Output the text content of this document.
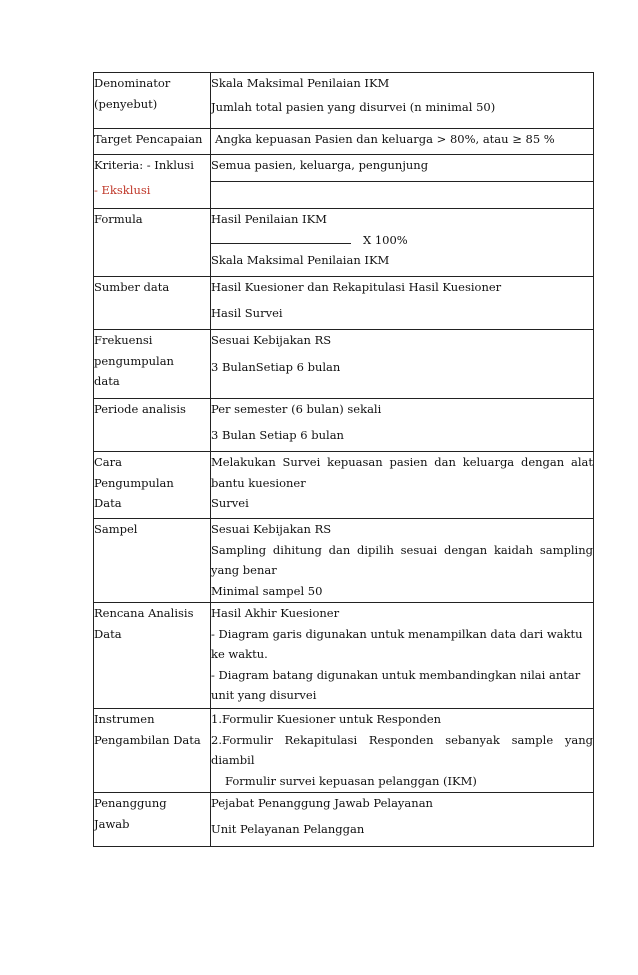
Denominator
(penyebut)	Skala Maksimal Penilaian IKM
Jumlah total pasien yang disurvei (n minimal 50)

Target Pencapaian	Angka kepuasan Pasien dan keluarga > 80%, atau ≥ 85 %

Kriteria: - Inklusi
- Eksklusi	Semua pasien, keluarga, pengunjung

Formula	Hasil Penilaian IKM
X 100%
Skala Maksimal Penilaian IKM

Sumber data	Hasil Kuesioner dan Rekapitulasi Hasil Kuesioner
Hasil Survei

Frekuensi
pengumpulan
data	Sesuai Kebijakan RS
3 BulanSetiap 6 bulan

Periode analisis	Per semester (6 bulan) sekali
3 Bulan Setiap 6 bulan

Cara
Pengumpulan
Data	Melakukan Survei kepuasan pasien dan keluarga dengan alat bantu kuesioner
Survei

Sampel	Sesuai Kebijakan RS
Sampling dihitung dan dipilih sesuai dengan kaidah sampling yang benar
Minimal sampel 50

Rencana Analisis
Data	Hasil Akhir Kuesioner
- Diagram garis digunakan untuk menampilkan data dari waktu ke waktu.
- Diagram batang digunakan untuk membandingkan nilai antar unit yang disurvei

Instrumen
Pengambilan Data	1.Formulir Kuesioner untuk Responden
2.Formulir Rekapitulasi Responden sebanyak sample yang diambil
Formulir survei kepuasan pelanggan (IKM)

Penanggung
Jawab	Pejabat Penanggung Jawab Pelayanan
Unit Pelayanan Pelanggan
